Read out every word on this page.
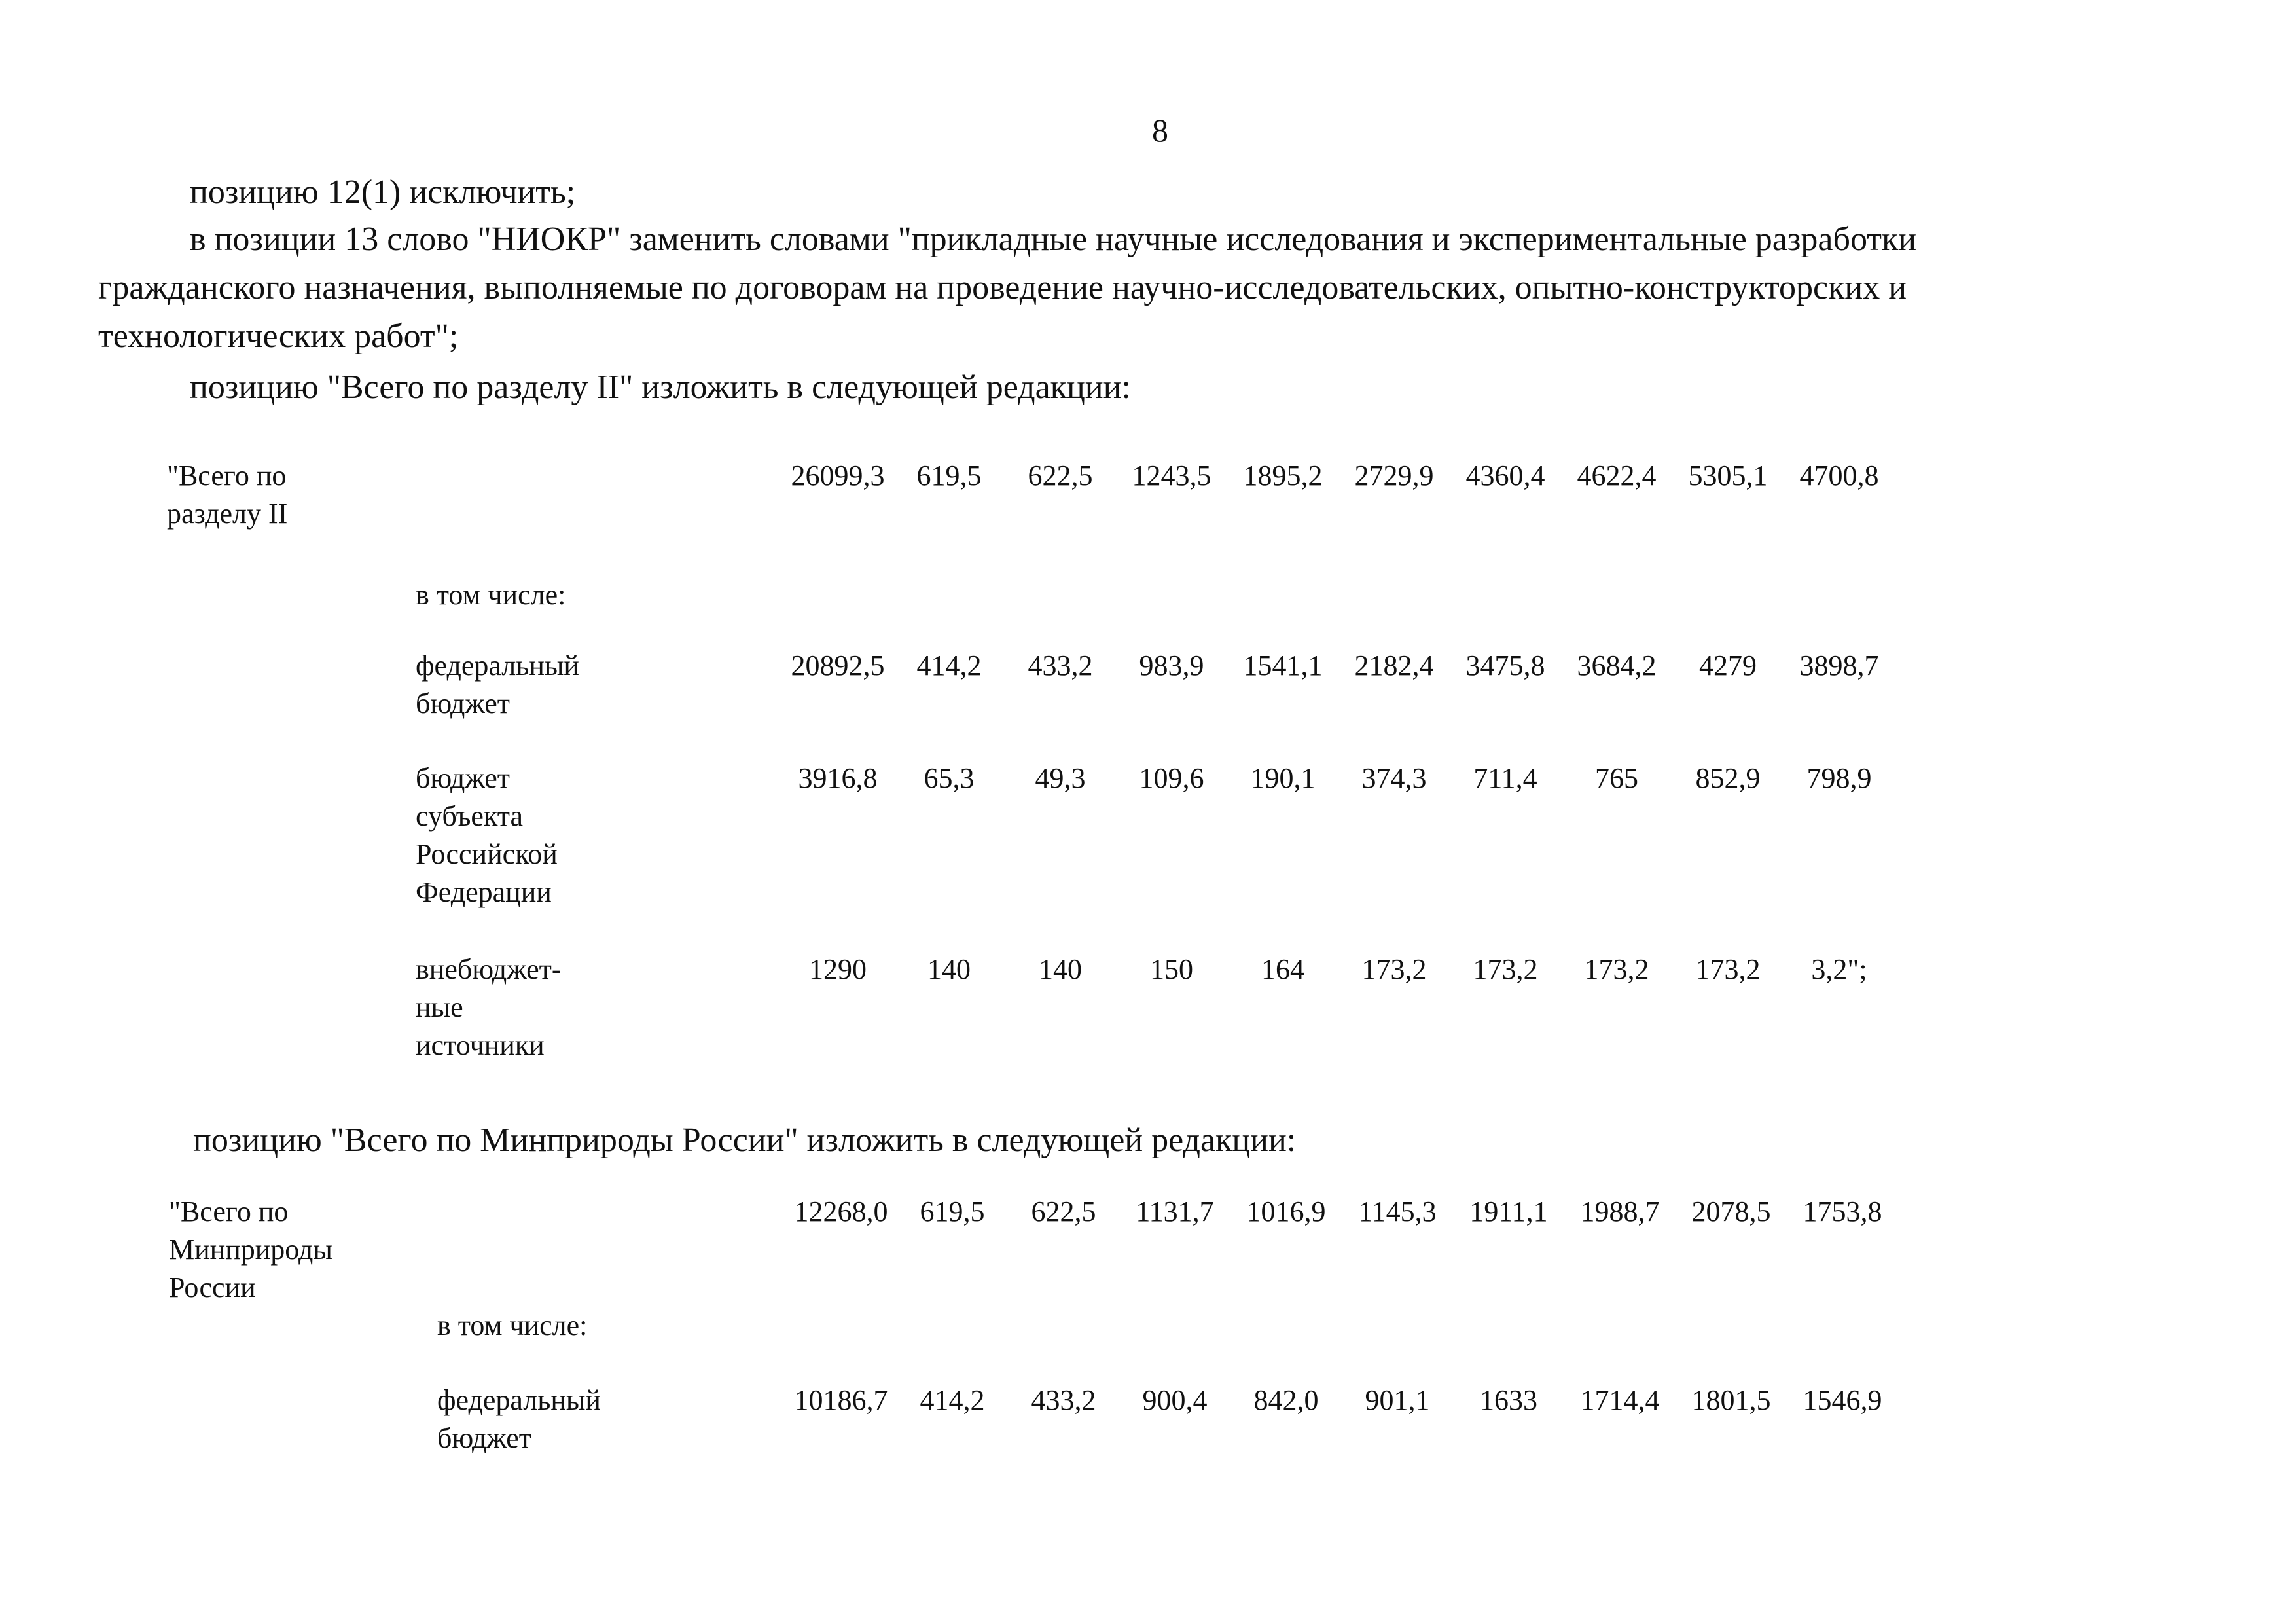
8
позицию 12(1) исключить;
в позиции 13 слово "НИОКР" заменить словами "прикладные научные исследования и экспериментальные разработки
гражданского назначения, выполняемые по договорам на проведение научно-исследовательских, опытно-конструкторских и
технологических работ";
позицию "Всего по разделу II" изложить в следующей редакции:
"Всего по
разделу II
26099,3	619,5	622,5	1243,5	1895,2	2729,9	4360,4	4622,4	5305,1	4700,8
в том числе:
федеральный
бюджет
20892,5	414,2	433,2	983,9	1541,1	2182,4	3475,8	3684,2	4279	3898,7
бюджет
субъекта
Российской
Федерации
3916,8	65,3	49,3	109,6	190,1	374,3	711,4	765	852,9	798,9
внебюджет-
ные
источники
1290	140	140	150	164	173,2	173,2	173,2	173,2	3,2";
позицию "Всего по Минприроды России" изложить в следующей редакции:
"Всего по
Минприроды
России
12268,0	619,5	622,5	1131,7	1016,9	1145,3	1911,1	1988,7	2078,5	1753,8
в том числе:
федеральный
бюджет
10186,7	414,2	433,2	900,4	842,0	901,1	1633	1714,4	1801,5	1546,9
